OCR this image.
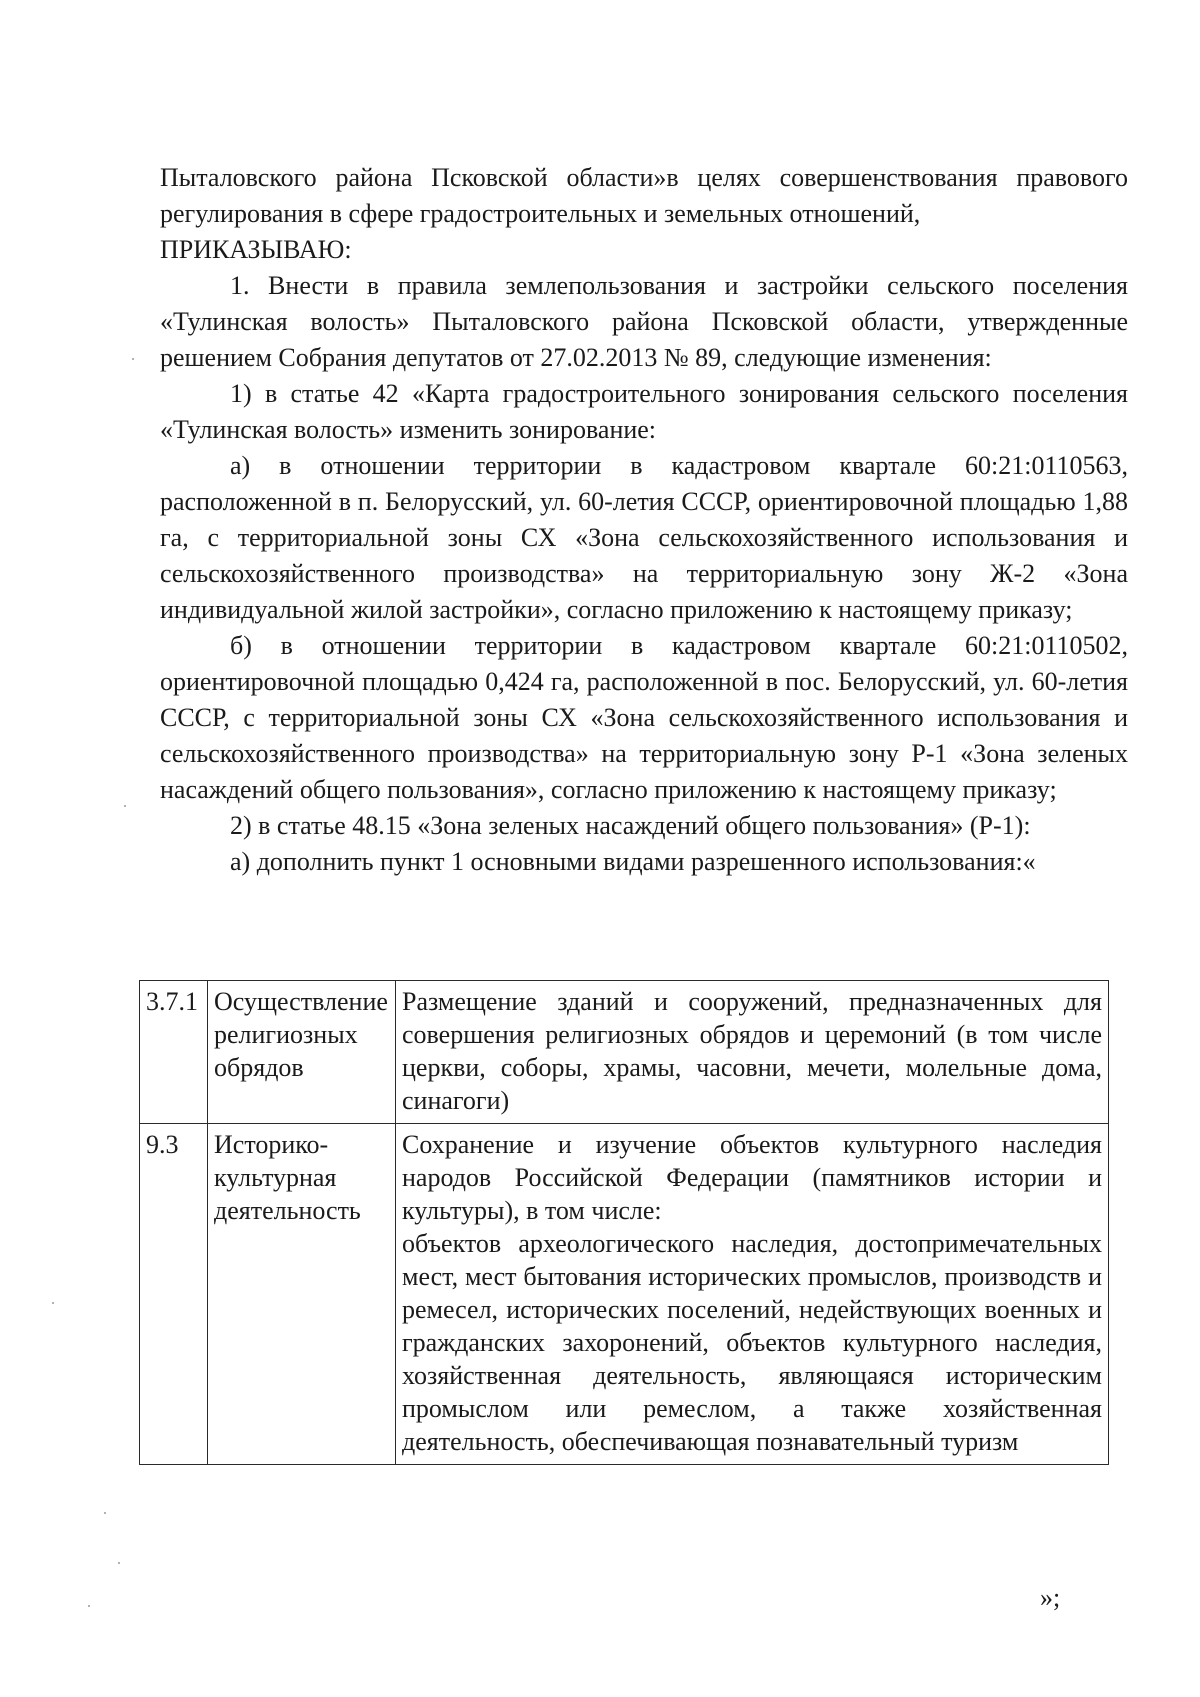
Пыталовского района Псковской области»в целях совершенствования правового регулирования в сфере градостроительных и земельных отношений,

ПРИКАЗЫВАЮ:

1. Внести в правила землепользования и застройки сельского поселения «Тулинская волость» Пыталовского района Псковской области, утвержденные решением Собрания депутатов от 27.02.2013 № 89, следующие изменения:

1) в статье 42 «Карта градостроительного зонирования сельского поселения «Тулинская волость» изменить зонирование:

а) в отношении территории в кадастровом квартале 60:21:0110563, расположенной в п. Белорусский, ул. 60-летия СССР, ориентировочной площадью 1,88 га, с территориальной зоны СХ «Зона сельскохозяйственного использования и сельскохозяйственного производства» на территориальную зону Ж-2 «Зона индивидуальной жилой застройки», согласно приложению к настоящему приказу;

б) в отношении территории в кадастровом квартале 60:21:0110502, ориентировочной площадью 0,424 га, расположенной в пос. Белорусский, ул. 60-летия СССР, с территориальной зоны СХ «Зона сельскохозяйственного использования и сельскохозяйственного производства» на территориальную зону Р-1 «Зона зеленых насаждений общего пользования», согласно приложению к настоящему приказу;

2) в статье 48.15 «Зона зеленых насаждений общего пользования» (Р-1):

а) дополнить пункт 1 основными видами разрешенного использования:«

3.7.1	Осуществление религиозных обрядов	Размещение зданий и сооружений, предназначенных для совершения религиозных обрядов и церемоний (в том числе церкви, соборы, храмы, часовни, мечети, молельные дома, синагоги)

9.3	Историко-культурная деятельность	Сохранение и изучение объектов культурного наследия народов Российской Федерации (памятников истории и культуры), в том числе:
объектов археологического наследия, достопримечательных мест, мест бытования исторических промыслов, производств и ремесел, исторических поселений, недействующих военных и гражданских захоронений, объектов культурного наследия, хозяйственная деятельность, являющаяся историческим промыслом или ремеслом, а также хозяйственная деятельность, обеспечивающая познавательный туризм
»;
